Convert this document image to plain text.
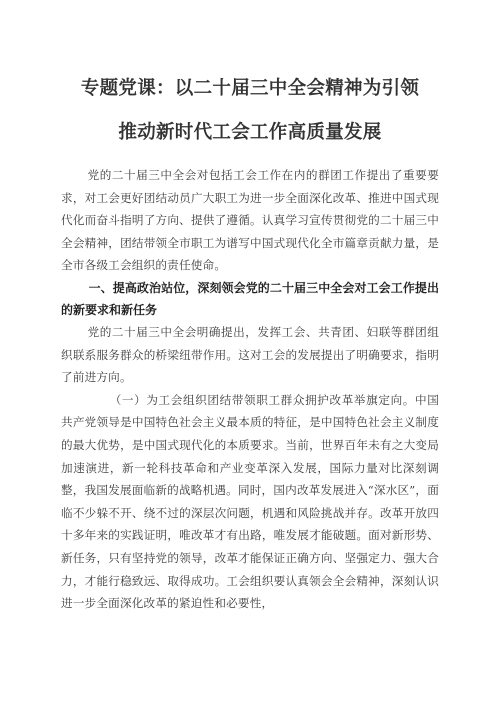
专题党课：以二十届三中全会精神为引领
推动新时代工会工作高质量发展

党的二十届三中全会对包括工会工作在内的群团工作提出了重要要求，对工会更好团结动员广大职工为进一步全面深化改革、推进中国式现代化而奋斗指明了方向、提供了遵循。认真学习宣传贯彻党的二十届三中全会精神，团结带领全市职工为谱写中国式现代化全市篇章贡献力量，是全市各级工会组织的责任使命。

一、提高政治站位，深刻领会党的二十届三中全会对工会工作提出的新要求和新任务

党的二十届三中全会明确提出，发挥工会、共青团、妇联等群团组织联系服务群众的桥梁纽带作用。这对工会的发展提出了明确要求，指明了前进方向。

（一）为工会组织团结带领职工群众拥护改革举旗定向。中国共产党领导是中国特色社会主义最本质的特征，是中国特色社会主义制度的最大优势，是中国式现代化的本质要求。当前，世界百年未有之大变局加速演进，新一轮科技革命和产业变革深入发展，国际力量对比深刻调整，我国发展面临新的战略机遇。同时，国内改革发展进入“深水区”，面临不少躲不开、绕不过的深层次问题，机遇和风险挑战并存。改革开放四十多年来的实践证明，唯改革才有出路，唯发展才能破题。面对新形势、新任务，只有坚持党的领导，改革才能保证正确方向、坚强定力、强大合力，才能行稳致远、取得成功。工会组织要认真领会全会精神，深刻认识进一步全面深化改革的紧迫性和必要性，
